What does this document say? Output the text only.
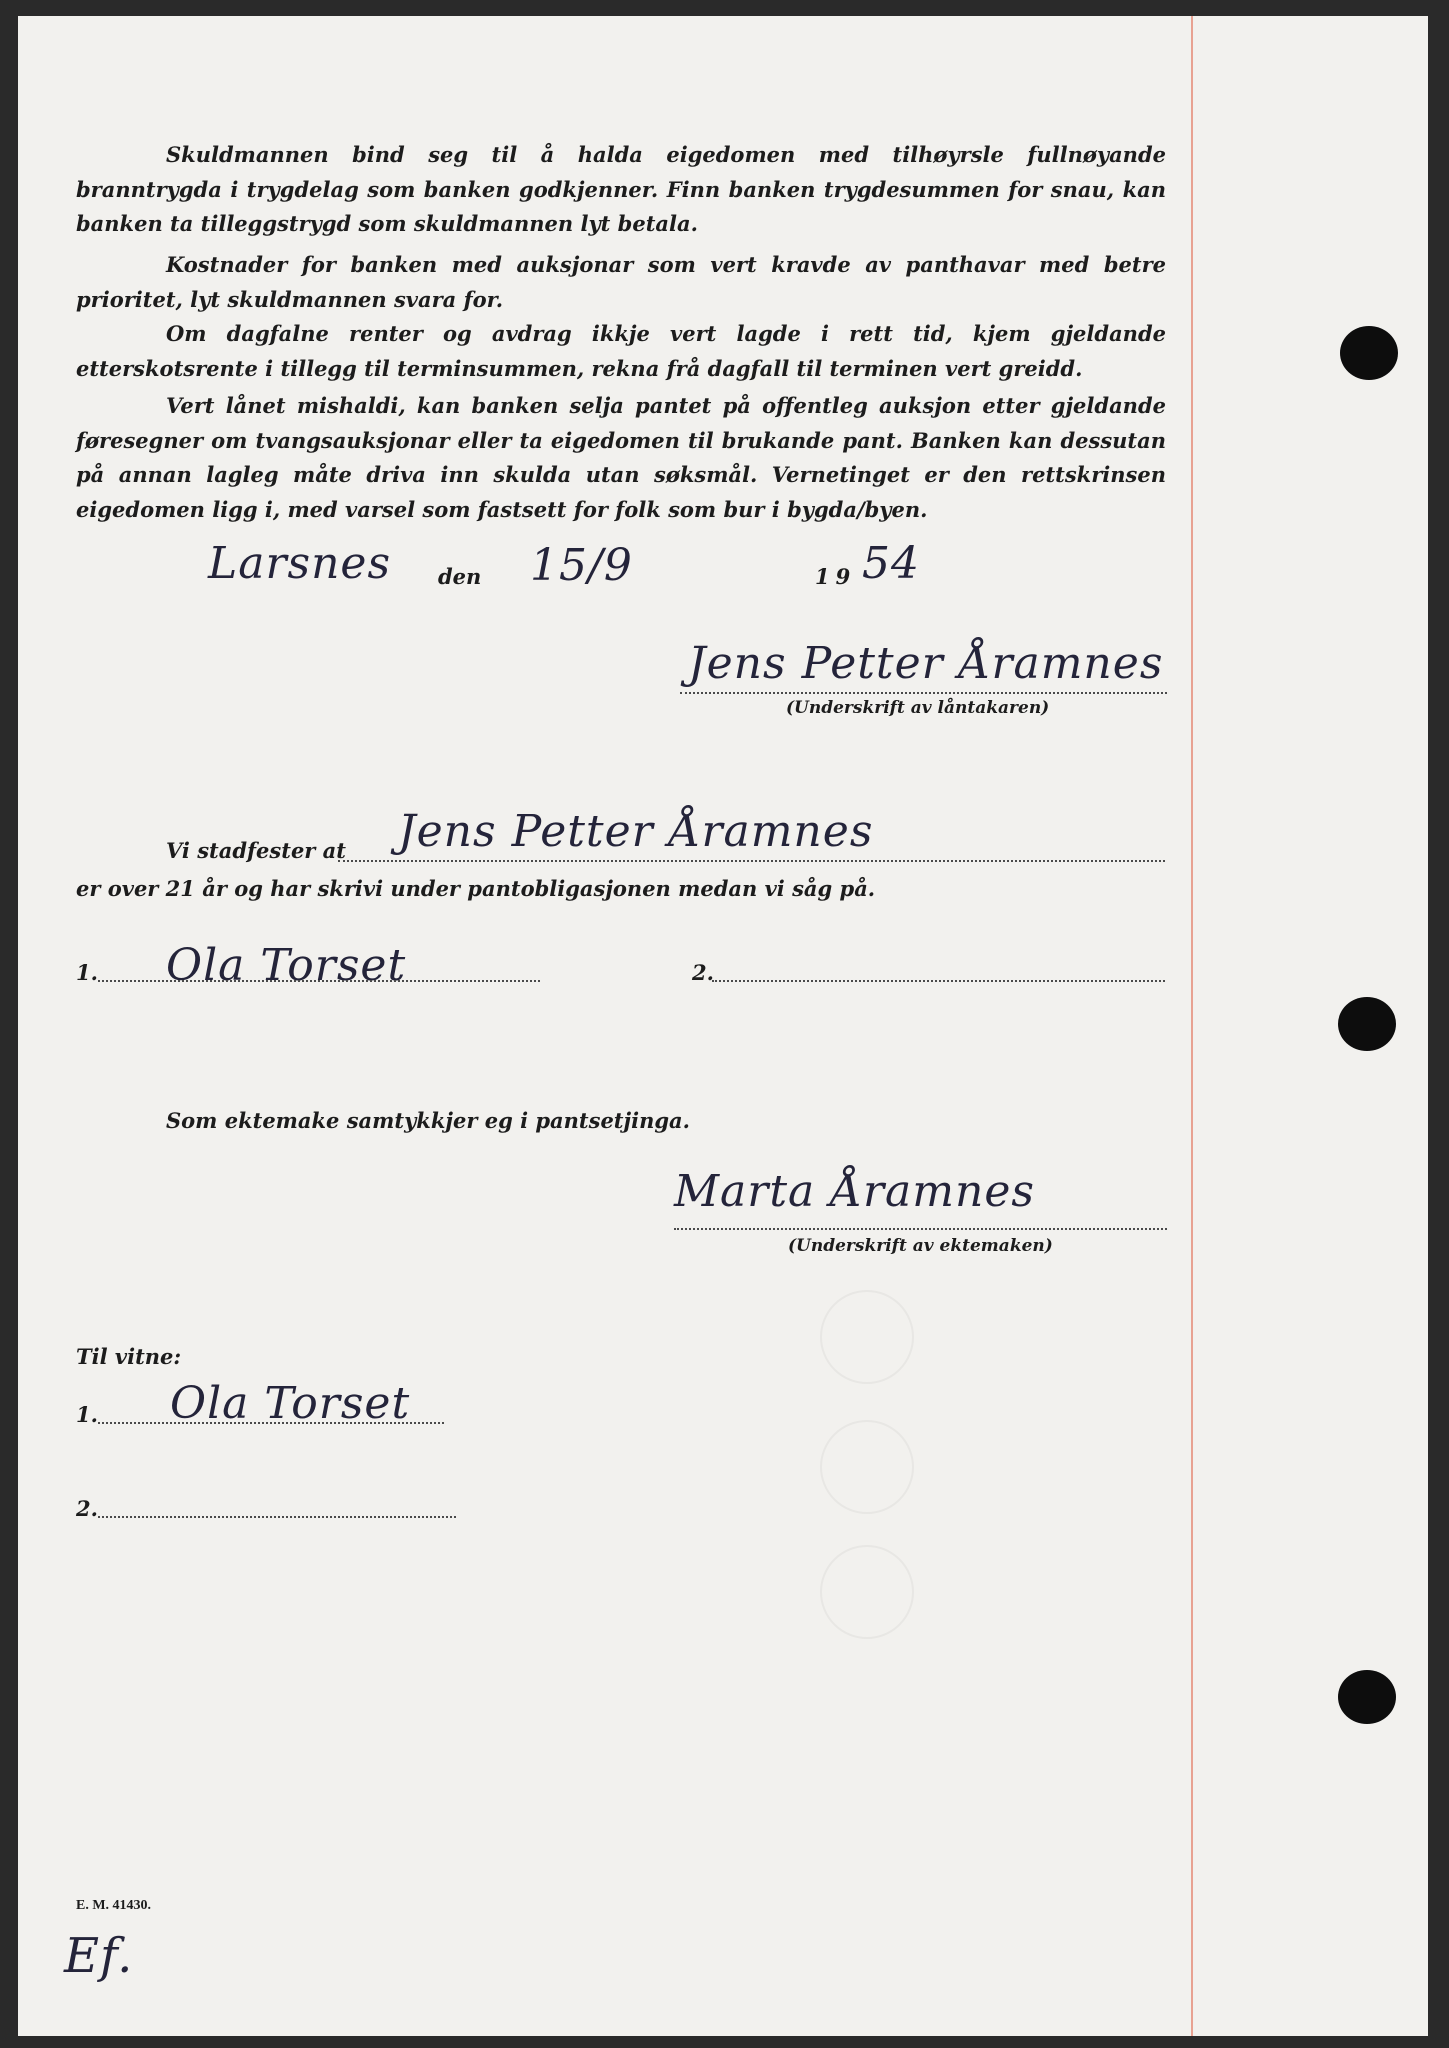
Skuldmannen bind seg til å halda eigedomen med tilhøyrsle fullnøyande branntrygda i trygdelag som banken godkjenner. Finn banken trygdesummen for snau, kan banken ta tilleggstrygd som skuldmannen lyt betala.

Kostnader for banken med auksjonar som vert kravde av panthavar med betre prioritet, lyt skuldmannen svara for.

Om dagfalne renter og avdrag ikkje vert lagde i rett tid, kjem gjeldande etterskotsrente i tillegg til terminsummen, rekna frå dagfall til terminen vert greidd.

Vert lånet mishaldi, kan banken selja pantet på offentleg auksjon etter gjeldande føresegner om tvangsauksjonar eller ta eigedomen til brukande pant. Banken kan dessutan på annan lagleg måte driva inn skulda utan søksmål. Vernetinget er den rettskrinsen eigedomen ligg i, med varsel som fastsett for folk som bur i bygda/byen.

Larsnes den 15/9	19 54
Jens Petter Åramnes
(Underskrift av låntakaren)
Vi stadfester at Jens Petter Åramnes
er over 21 år og har skrivi under pantobligasjonen medan vi såg på.
1. Ola Torset	2.
Som ektemake samtykkjer eg i pantsetjinga.
Marta Åramnes
(Underskrift av ektemaken)
Til vitne:
1. Ola Torset
2.
E. M. 41430.
Ef.
